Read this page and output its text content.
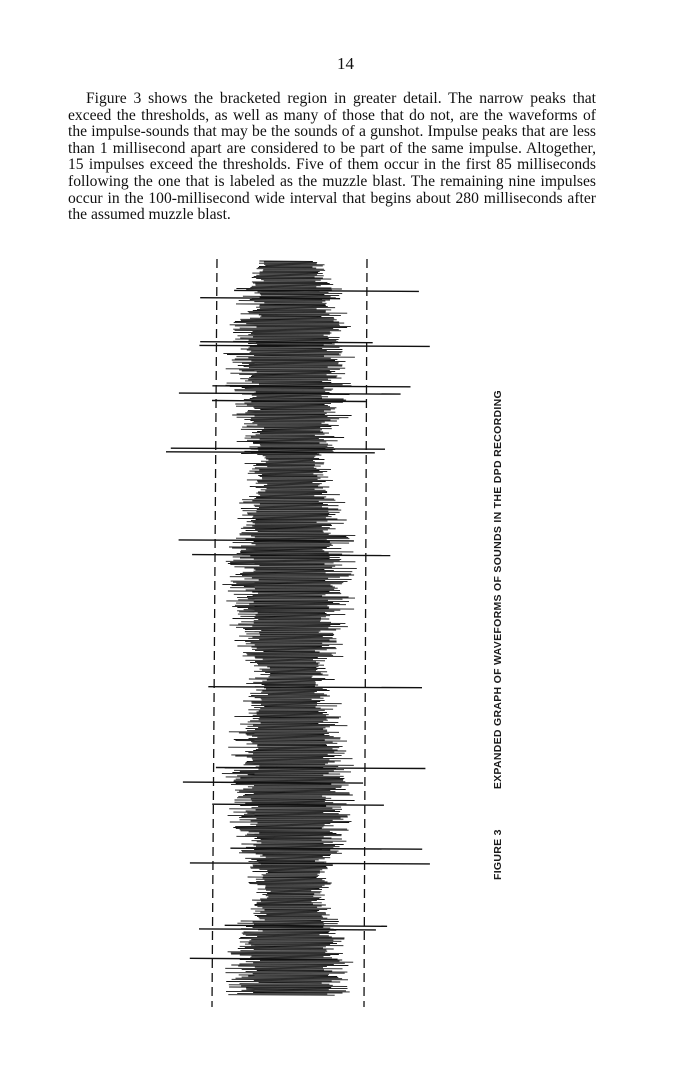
14

Figure 3 shows the bracketed region in greater detail. The narrow peaks that exceed the thresholds, as well as many of those that do not, are the waveforms of the impulse-sounds that may be the sounds of a gunshot. Impulse peaks that are less than 1 millisecond apart are considered to be part of the same impulse. Altogether, 15 impulses exceed the thresholds. Five of them occur in the first 85 milliseconds following the one that is labeled as the muzzle blast. The remaining nine impulses occur in the 100-millisecond wide interval that begins about 280 milliseconds after the assumed muzzle blast.

FIGURE 3EXPANDED GRAPH OF WAVEFORMS OF SOUNDS IN THE DPD RECORDING
